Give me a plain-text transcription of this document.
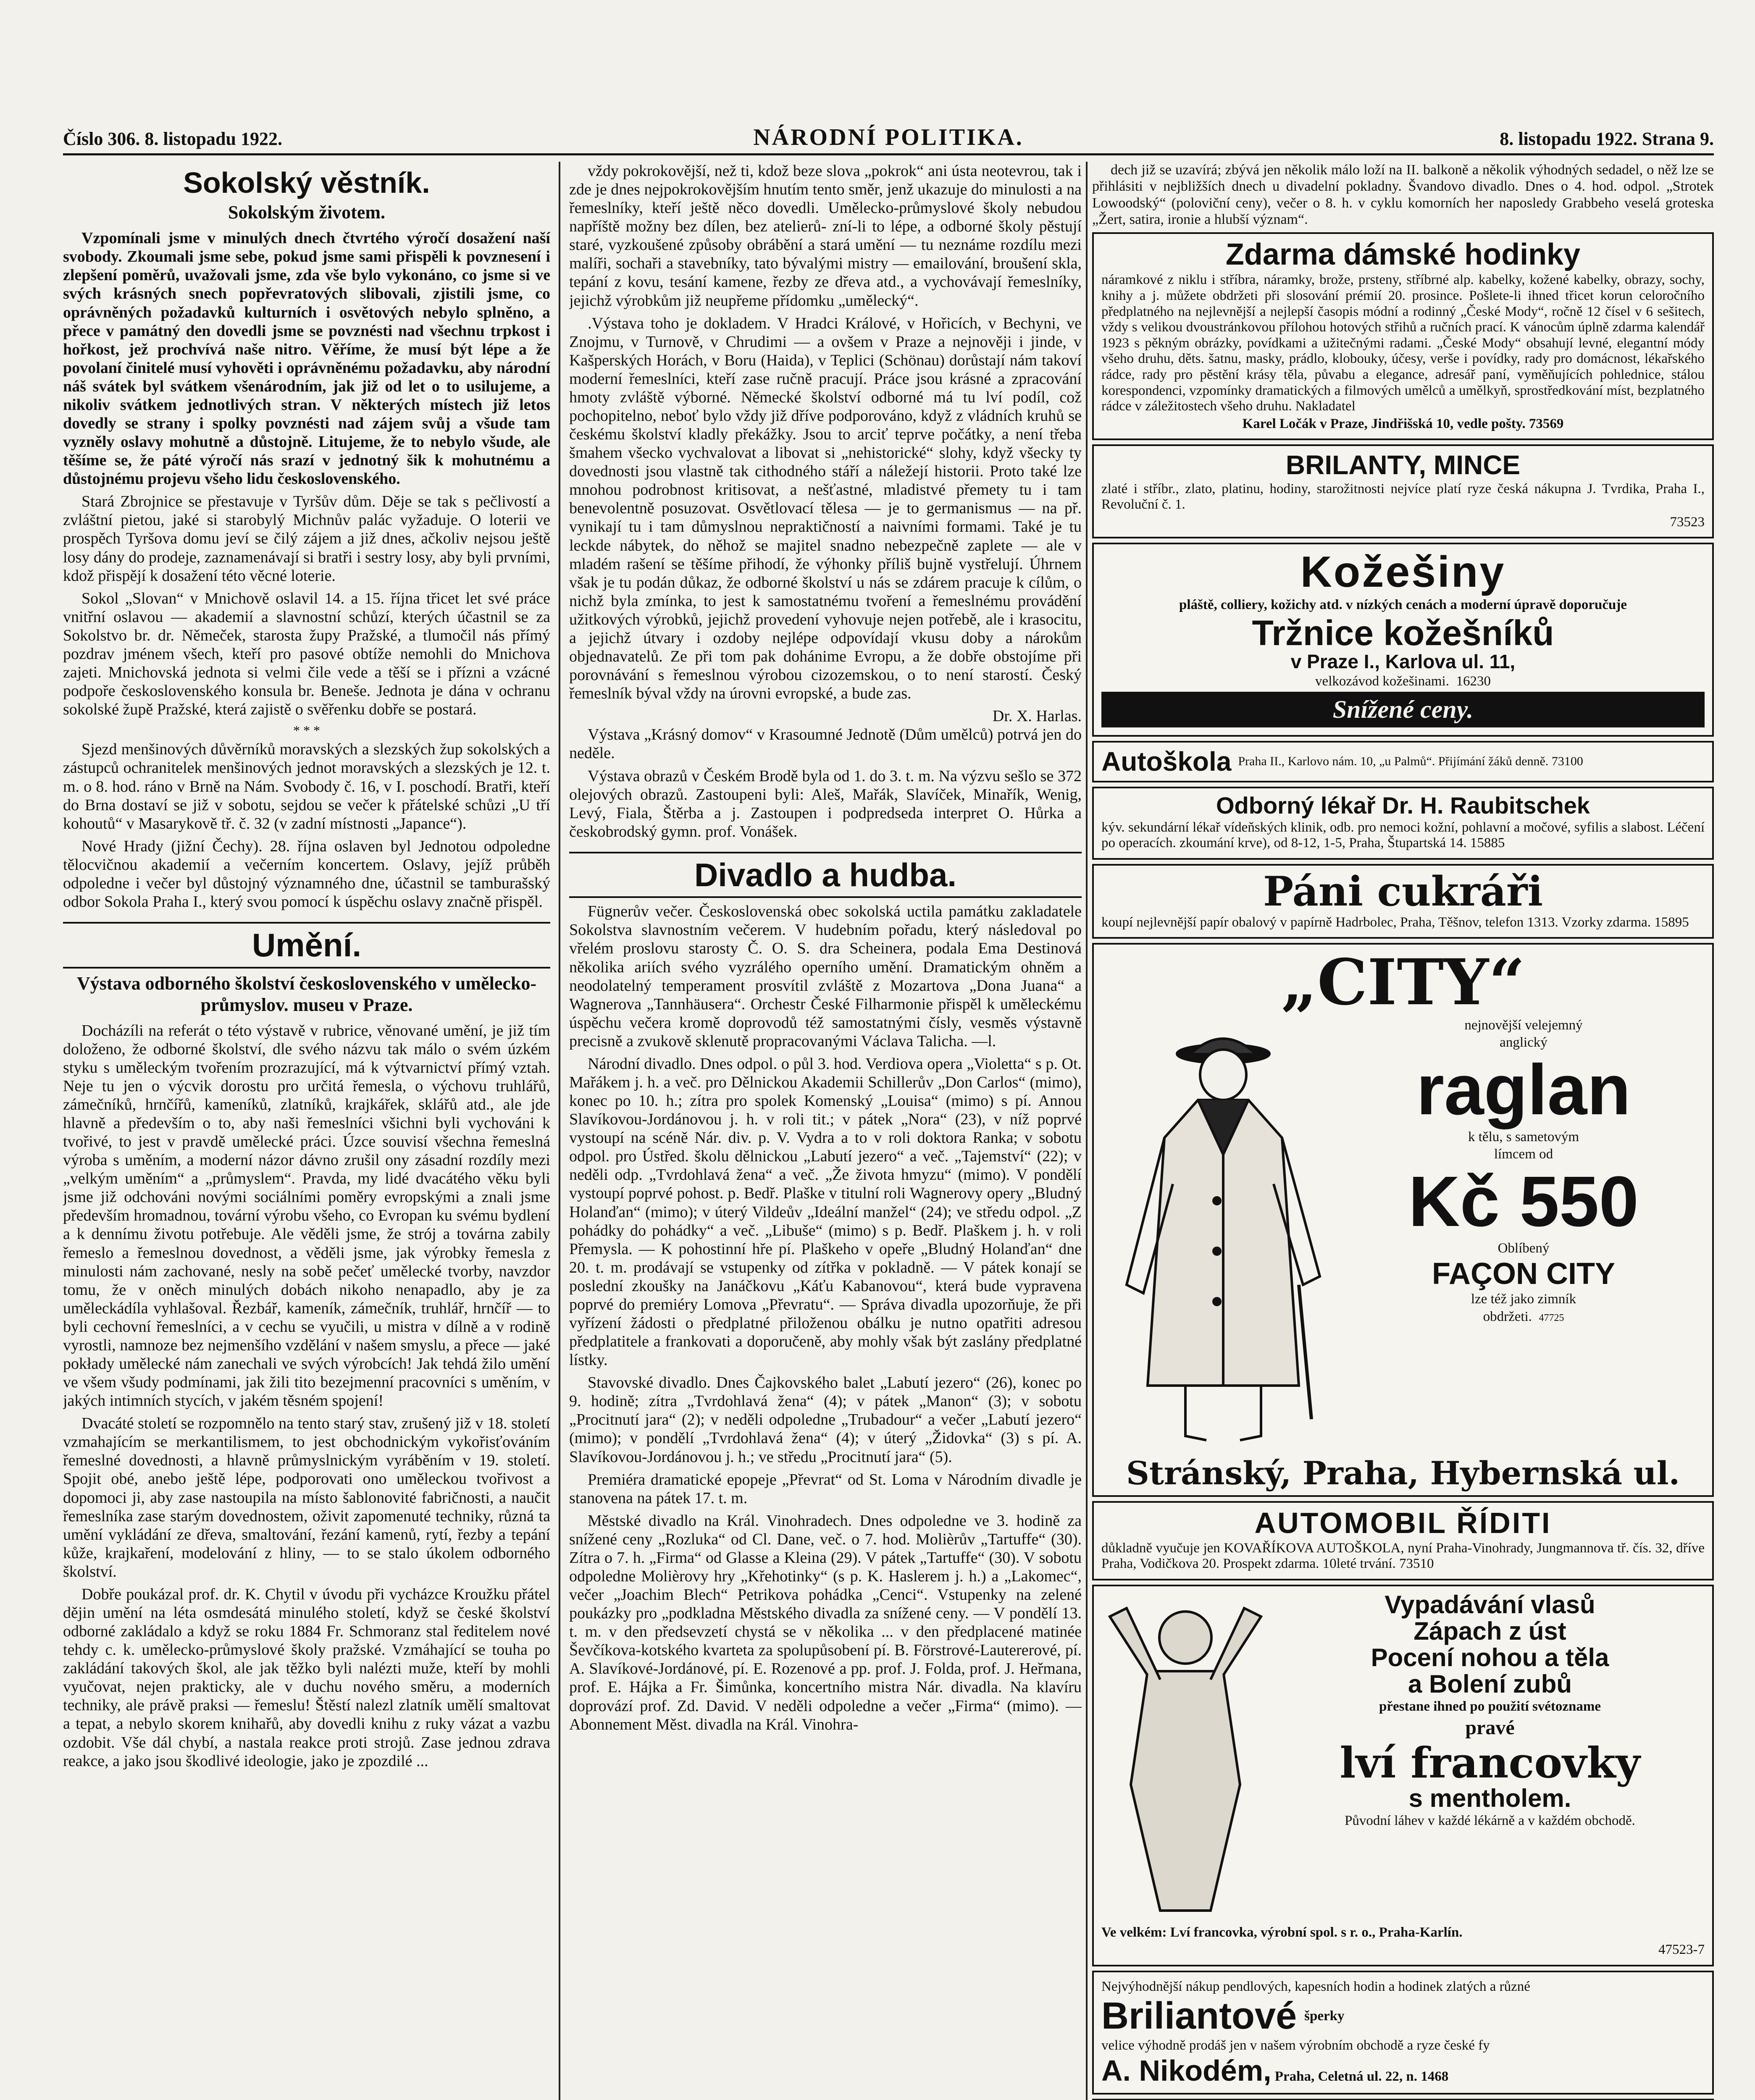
Číslo 306. 8. listopadu 1922.	NÁRODNÍ POLITIKA.	8. listopadu 1922. Strana 9.
Sokolský věstník.
Sokolským životem.

Vzpomínali jsme v minulých dnech čtvrtého výročí dosažení naší svobody. Zkoumali jsme sebe, pokud jsme sami přispěli k povznesení i zlepšení poměrů, uvažovali jsme, zda vše bylo vykonáno, co jsme si ve svých krásných snech popřevratových slibovali, zjistili jsme, co oprávněných požadavků kulturních i osvětových nebylo splněno, a přece v památný den dovedli jsme se povznésti nad všechnu trpkost i hořkost, jež prochvívá naše nitro. Věříme, že musí být lépe a že povolaní činitelé musí vyhověti i oprávněnému požadavku, aby národní náš svátek byl svátkem všenárodním, jak již od let o to usilujeme, a nikoliv svátkem jednotlivých stran. V některých místech již letos dovedly se strany i spolky povznésti nad zájem svůj a všude tam vyzněly oslavy mohutně a důstojně. Litujeme, že to nebylo všude, ale těšíme se, že páté výročí nás srazí v jednotný šik k mohutnému a důstojnému projevu všeho lidu československého.

Stará Zbrojnice se přestavuje v Tyršův dům. Děje se tak s pečlivostí a zvláštní pietou, jaké si starobylý Michnův palác vyžaduje. O loterii ve prospěch Tyršova domu jeví se čilý zájem a již dnes, ačkoliv nejsou ještě losy dány do prodeje, zaznamenávají si bratři i sestry losy, aby byli prvními, kdož přispějí k dosažení této věcné loterie.

Sokol „Slovan“ v Mnichově oslavil 14. a 15. října třicet let své práce vnitřní oslavou — akademií a slavnostní schůzí, kterých účastnil se za Sokolstvo br. dr. Němeček, starosta župy Pražské, a tlumočil nás přímý pozdrav jménem všech, kteří pro pasové obtíže nemohli do Mnichova zajeti. Mnichovská jednota si velmi čile vede a těší se i přízni a vzácné podpoře československého konsula br. Beneše. Jednota je dána v ochranu sokolské župě Pražské, která zajistě o svěřenku dobře se postará.

* * *

Sjezd menšinových důvěrníků moravských a slezských žup sokolských a zástupců ochranitelek menšinových jednot moravských a slezských je 12. t. m. o 8. hod. ráno v Brně na Nám. Svobody č. 16, v I. poschodí. Bratři, kteří do Brna dostaví se již v sobotu, sejdou se večer k přátelské schůzi „U tří kohoutů“ v Masarykově tř. č. 32 (v zadní místnosti „Japance“).

Nové Hrady (jižní Čechy). 28. října oslaven byl Jednotou odpoledne tělocvičnou akademií a večerním koncertem. Oslavy, jejíž průběh odpoledne i večer byl důstojný významného dne, účastnil se tamburašský odbor Sokola Praha I., který svou pomocí k úspěchu oslavy značně přispěl.

Umění.
Výstava odborného školství československého v umělecko-průmyslov. museu v Praze.

Docházíli na referát o této výstavě v rubrice, věnované umění, je již tím doloženo, že odborné školství, dle svého názvu tak málo o svém úzkém styku s uměleckým tvořením prozrazující, má k výtvarnictví přímý vztah. Neje tu jen o výcvik dorostu pro určitá řemesla, o výchovu truhlářů, zámečníků, hrnčířů, kameníků, zlatníků, krajkářek, sklářů atd., ale jde hlavně a především o to, aby naši řemeslníci všichni byli vychováni k tvořivé, to jest v pravdě umělecké práci. Úzce souvisí všechna řemeslná výroba s uměním, a moderní názor dávno zrušil ony zásadní rozdíly mezi „velkým uměním“ a „průmyslem“. Pravda, my lidé dvacátého věku byli jsme již odchováni novými sociálními poměry evropskými a znali jsme především hromadnou, tovární výrobu všeho, co Evropan ku svému bydlení a k dennímu životu potřebuje. Ale věděli jsme, že strój a továrna zabily řemeslo a řemeslnou dovednost, a věděli jsme, jak výrobky řemesla z minulosti nám zachované, nesly na sobě pečeť umělecké tvorby, navzdor tomu, že v oněch minulých dobách nikoho nenapadlo, aby je za uměleckádíla vyhlašoval. Řezbář, kameník, zámečník, truhlář, hrnčíř — to byli cechovní řemeslníci, a v cechu se vyučili, u mistra v dílně a v rodině vyrostli, namnoze bez nejmenšího vzdělání v našem smyslu, a přece — jaké pokłady umělecké nám zanechali ve svých výrobcích! Jak tehdá žilo umění ve všem všudy podmínami, jak žili tito bezejmenní pracovníci s uměním, v jakých intimních stycích, v jakém těsném spojení!

Dvacáté století se rozpomnělo na tento starý stav, zrušený již v 18. století vzmahajícím se merkantilismem, to jest obchodnickým vykořisťováním řemeslné dovednosti, a hlavně průmyslnickým vyráběním v 19. století. Spojit obé, anebo ještě lépe, podporovati ono uměleckou tvořivost a dopomoci ji, aby zase nastoupila na místo šablonovité fabričnosti, a naučit řemeslníka zase starým dovednostem, oživit zapomenuté techniky, různá ta umění vykládání ze dřeva, smaltování, řezání kamenů, rytí, řezby a tepání kůže, krajkaření, modelování z hliny, — to se stalo úkolem odborného školství.

Dobře poukázal prof. dr. K. Chytil v úvodu při vycházce Kroužku přátel dějin umění na léta osmdesátá minulého století, když se české školství odborné zakládalo a když se roku 1884 Fr. Schmoranz stal ředitelem nové tehdy c. k. umělecko-průmyslové školy pražské. Vzmáhající se touha po zakládání takových škol, ale jak těžko byli nalézti muže, kteří by mohli vyučovat, nejen prakticky, ale v duchu nového směru, a moderních techniky, ale právě praksi — řemeslu! Štěstí nalezl zlatník umělí smaltovat a tepat, a nebylo skorem knihařů, aby dovedli knihu z ruky vázat a vazbu ozdobit. Vše dál chybí, a nastala reakce proti strojů. Zase jednou zdrava reakce, a jako jsou škodlivé ideologie, jako je zpozdilé ...

vždy pokrokovější, než ti, kdož beze slova „pokrok“ ani ústa neotevrou, tak i zde je dnes nejpokrokovějším hnutím tento směr, jenž ukazuje do minulosti a na řemeslníky, kteří ještě něco dovedli. Umělecko-průmyslové školy nebudou napříště možny bez dílen, bez atelierů- zní-li to lépe, a odborné školy pěstují staré, vyzkoušené způsoby obrábění a stará umění — tu neznáme rozdílu mezi malíři, sochaři a stavebníky, tato bývalými mistry — emailování, broušení skla, tepání z kovu, tesání kamene, řezby ze dřeva atd., a vychovávají řemeslníky, jejichž výrobkům již neupřeme přídomku „umělecký“.

.Výstava toho je dokladem. V Hradci Králové, v Hořicích, v Bechyni, ve Znojmu, v Turnově, v Chrudimi — a ovšem v Praze a nejnověji i jinde, v Kašperských Horách, v Boru (Haida), v Teplici (Schönau) dorůstají nám takoví moderní řemeslníci, kteří zase ručně pracují. Práce jsou krásné a zpracování hmoty zvláště výborné. Německé školství odborné má tu lví podíl, což pochopitelno, neboť bylo vždy již dříve podporováno, když z vládních kruhů se českému školství kladly překážky. Jsou to arciť teprve počátky, a není třeba šmahem všecko vychvalovat a libovat si „nehistorické“ slohy, když všecky ty dovednosti jsou vlastně tak cithodného stáří a náležejí historii. Proto také lze mnohou podrobnost kritisovat, a nešťastné, mladistvé přemety tu i tam benevolentně posuzovat. Osvětlovací tělesa — je to germanismus — na př. vynikají tu i tam důmyslnou nepraktičností a naivními formami. Také je tu leckde nábytek, do něhož se majitel snadno nebezpečně zaplete — ale v mladém rašení se těšíme přihodí, že výhonky příliš bujně vystřelují. Úhrnem však je tu podán důkaz, že odborné školství u nás se zdárem pracuje k cílům, o nichž byla zmínka, to jest k samostatnému tvoření a řemeslnému provádění užitkových výrobků, jejichž provedení vyhovuje nejen potřebě, ale i krasocitu, a jejichž útvary i ozdoby nejlépe odpovídají vkusu doby a nárokům objednavatelů. Ze při tom pak dohánime Evropu, a že dobře obstojíme při porovnávání s řemeslnou výrobou cizozemskou, o to není starostí. Český řemeslník býval vždy na úrovni evropské, a bude zas.

Dr. X. Harlas.

Výstava „Krásný domov“ v Krasoumné Jednotě (Dům umělců) potrvá jen do neděle.

Výstava obrazů v Českém Brodě byla od 1. do 3. t. m. Na výzvu sešlo se 372 olejových obrazů. Zastoupeni byli: Aleš, Mařák, Slavíček, Minařík, Wenig, Levý, Fiala, Štěrba a j. Zastoupen i podpredseda interpret O. Hůrka a českobrodský gymn. prof. Vonášek.

Divadlo a hudba.

Fügnerův večer. Československá obec sokolská uctila památku zakladatele Sokolstva slavnostním večerem. V hudebním pořadu, který následoval po vřelém proslovu starosty Č. O. S. dra Scheinera, podala Ema Destinová několika ariích svého vyzrálého operního umění. Dramatickým ohněm a neodolatelný temperament prosvítil zvláště z Mozartova „Dona Juana“ a Wagnerova „Tannhäusera“. Orchestr České Filharmonie přispěl k uměleckému úspěchu večera kromě doprovodů též samostatnými čísly, vesměs výstavně precisně a zvukově sklenutě propracovanými Václava Talicha. —l.

Národní divadlo. Dnes odpol. o půl 3. hod. Verdiova opera „Violetta“ s p. Ot. Mařákem j. h. a več. pro Dělnickou Akademii Schillerův „Don Carlos“ (mimo), konec po 10. h.; zítra pro spolek Komenský „Louisa“ (mimo) s pí. Annou Slavíkovou-Jordánovou j. h. v roli tit.; v pátek „Nora“ (23), v níž poprvé vystoupí na scéně Nár. div. p. V. Vydra a to v roli doktora Ranka; v sobotu odpol. pro Ústřed. školu dělnickou „Labutí jezero“ a več. „Tajemství“ (22); v neděli odp. „Tvrdohlavá žena“ a več. „Že života hmyzu“ (mimo). V pondělí vystoupí poprvé pohost. p. Bedř. Plaške v titulní roli Wagnerovy opery „Bludný Holanďan“ (mimo); v úterý Vildeův „Ideální manžel“ (24); ve středu odpol. „Z pohádky do pohádky“ a več. „Libuše“ (mimo) s p. Bedř. Plaškem j. h. v roli Přemysla. — K pohostinní hře pí. Plaškeho v opeře „Bludný Holanďan“ dne 20. t. m. prodávají se vstupenky od zítřka v pokladně. — V pátek konají se poslední zkoušky na Janáčkovu „Káťu Kabanovou“, která bude vypravena poprvé do premiéry Lomova „Převratu“. — Správa divadla upozorňuje, že při vyřízení žádosti o předplatné přiloženou obálku je nutno opatřiti adresou předplatitele a frankovati a doporučeně, aby mohly však být zaslány předplatné lístky.

Stavovské divadlo. Dnes Čajkovského balet „Labutí jezero“ (26), konec po 9. hodině; zítra „Tvrdohlavá žena“ (4); v pátek „Manon“ (3); v sobotu „Procitnutí jara“ (2); v neděli odpoledne „Trubadour“ a večer „Labutí jezero“ (mimo); v pondělí „Tvrdohlavá žena“ (4); v úterý „Židovka“ (3) s pí. A. Slavíkovou-Jordánovou j. h.; ve středu „Procitnutí jara“ (5).

Premiéra dramatické epopeje „Převrat“ od St. Loma v Národním divadle je stanovena na pátek 17. t. m.

Městské divadlo na Král. Vinohradech. Dnes odpoledne ve 3. hodině za snížené ceny „Rozluka“ od Cl. Dane, več. o 7. hod. Molièrův „Tartuffe“ (30). Zítra o 7. h. „Firma“ od Glasse a Kleina (29). V pátek „Tartuffe“ (30). V sobotu odpoledne Molièrovy hry „Křehotinky“ (s p. K. Haslerem j. h.) a „Lakomec“, večer „Joachim Blech“ Petrikova pohádka „Cenci“. Vstupenky na zelené poukázky pro „podkladna Městského divadla za snížené ceny. — V pondělí 13. t. m. v den předsevzetí chystá se v několika ... v den předplacené matinée Ševčíkova-kotského kvarteta za spolupůsobení pí. B. Förstrové-Lautererové, pí. A. Slavíkové-Jordánové, pí. E. Rozenové a pp. prof. J. Folda, prof. J. Heřmana, prof. E. Hájka a Fr. Šimůnka, koncertního mistra Nár. divadla. Na klavíru doprovází prof. Zd. David. V neděli odpoledne a večer „Firma“ (mimo). — Abonnement Měst. divadla na Král. Vinohra-

dech již se uzavírá; zbývá jen několik málo loží na II. balkoně a několik výhodných sedadel, o něž lze se přihlásiti v nejbližších dnech u divadelní pokladny. Švandovo divadlo. Dnes o 4. hod. odpol. „Strotek Lowoodský“ (poloviční ceny), večer o 8. h. v cyklu komorních her naposledy Grabbeho veselá groteska „Žert, satira, ironie a hlubší význam“.

Zdarma dámské hodinky

náramkové z niklu i stříbra, náramky, brože, prsteny, stříbrné alp. kabelky, kožené kabelky, obrazy, sochy, knihy a j. můžete obdržeti při slosování prémií 20. prosince. Pošlete-li ihned třicet korun celoročního předplatného na nejlevnější a nejlepší časopis módní a rodinný „České Mody“, ročně 12 čísel v 6 sešitech, vždy s velikou dvoustránkovou přílohou hotových střihů a ručních prací. K vánocům úplně zdarma kalendář 1923 s pěkným obrázky, povídkami a užitečnými radami. „České Mody“ obsahují levné, elegantní módy všeho druhu, děts. šatnu, masky, prádlo, klobouky, účesy, verše i povídky, rady pro domácnost, lékařského rádce, rady pro pěstění krásy těla, půvabu a elegance, adresář paní, vyměňujících pohlednice, stálou korespondenci, vzpomínky dramatických a filmových umělců a umělkyň, sprostředkování míst, bezplatného rádce v záležitostech všeho druhu. Nakladatel

Karel Ločák v Praze, Jindřišská 10, vedle pošty. 73569

BRILANTY, MINCE

zlaté i stříbr., zlato, platinu, hodiny, starožitnosti nejvíce platí ryze česká nákupna J. Tvrdika, Praha I., Revoluční č. 1.

73523

Kožešiny

pláště, colliery, kožichy atd. v nízkých cenách a moderní úpravě doporučuje

Tržnice kožešníků
v Praze I., Karlova ul. 11,

velkozávod kožešinami. 16230

Snížené ceny.
Autoškola Praha II., Karlovo nám. 10, „u Palmů“. Přijímání žáků denně. 73100
Odborný lékař Dr. H. Raubitschek

kýv. sekundární lékař vídeňských klinik, odb. pro nemoci kožní, pohlavní a močové, syfilis a slabost. Léčení po operacích. zkoumání krve), od 8-12, 1-5, Praha, Štupartská 14. 15885

Páni cukráři

koupí nejlevnější papír obalový v papírně Hadrbolec, Praha, Těšnov, telefon 1313. Vzorky zdarma. 15895

„CITY“

nejnovější velejemný

anglický

raglan

k tělu, s sametovým

límcem od

Kč 550

Oblíbený

FAÇON CITY

lze též jako zimník

obdržeti. 47725

Stránský, Praha, Hybernská ul.
AUTOMOBIL ŘÍDITI

důkladně vyučuje jen KOVAŘÍKOVA AUTOŠKOLA, nyní Praha-Vinohrady, Jungmannova tř. čís. 32, dříve Praha, Vodičkova 20. Prospekt zdarma. 10leté trvání. 73510

Vypadávání vlasů
Zápach z úst
Pocení nohou a těla
a Bolení zubů

přestane ihned po použití svétozname

pravé

lví francovky
s mentholem.

Původní láhev v každé lékárně a v každém obchodě.

Ve velkém: Lví francovka, výrobní spol. s r. o., Praha-Karlín.

47523-7

Nejvýhodnější nákup pendlových, kapesních hodin a hodinek zlatých a různé

Briliantové šperky

velice výhodně prodáš jen v našem výrobním obchodě a ryze české fy

A. Nikodém, Praha, Celetná ul. 22, n. 1468
